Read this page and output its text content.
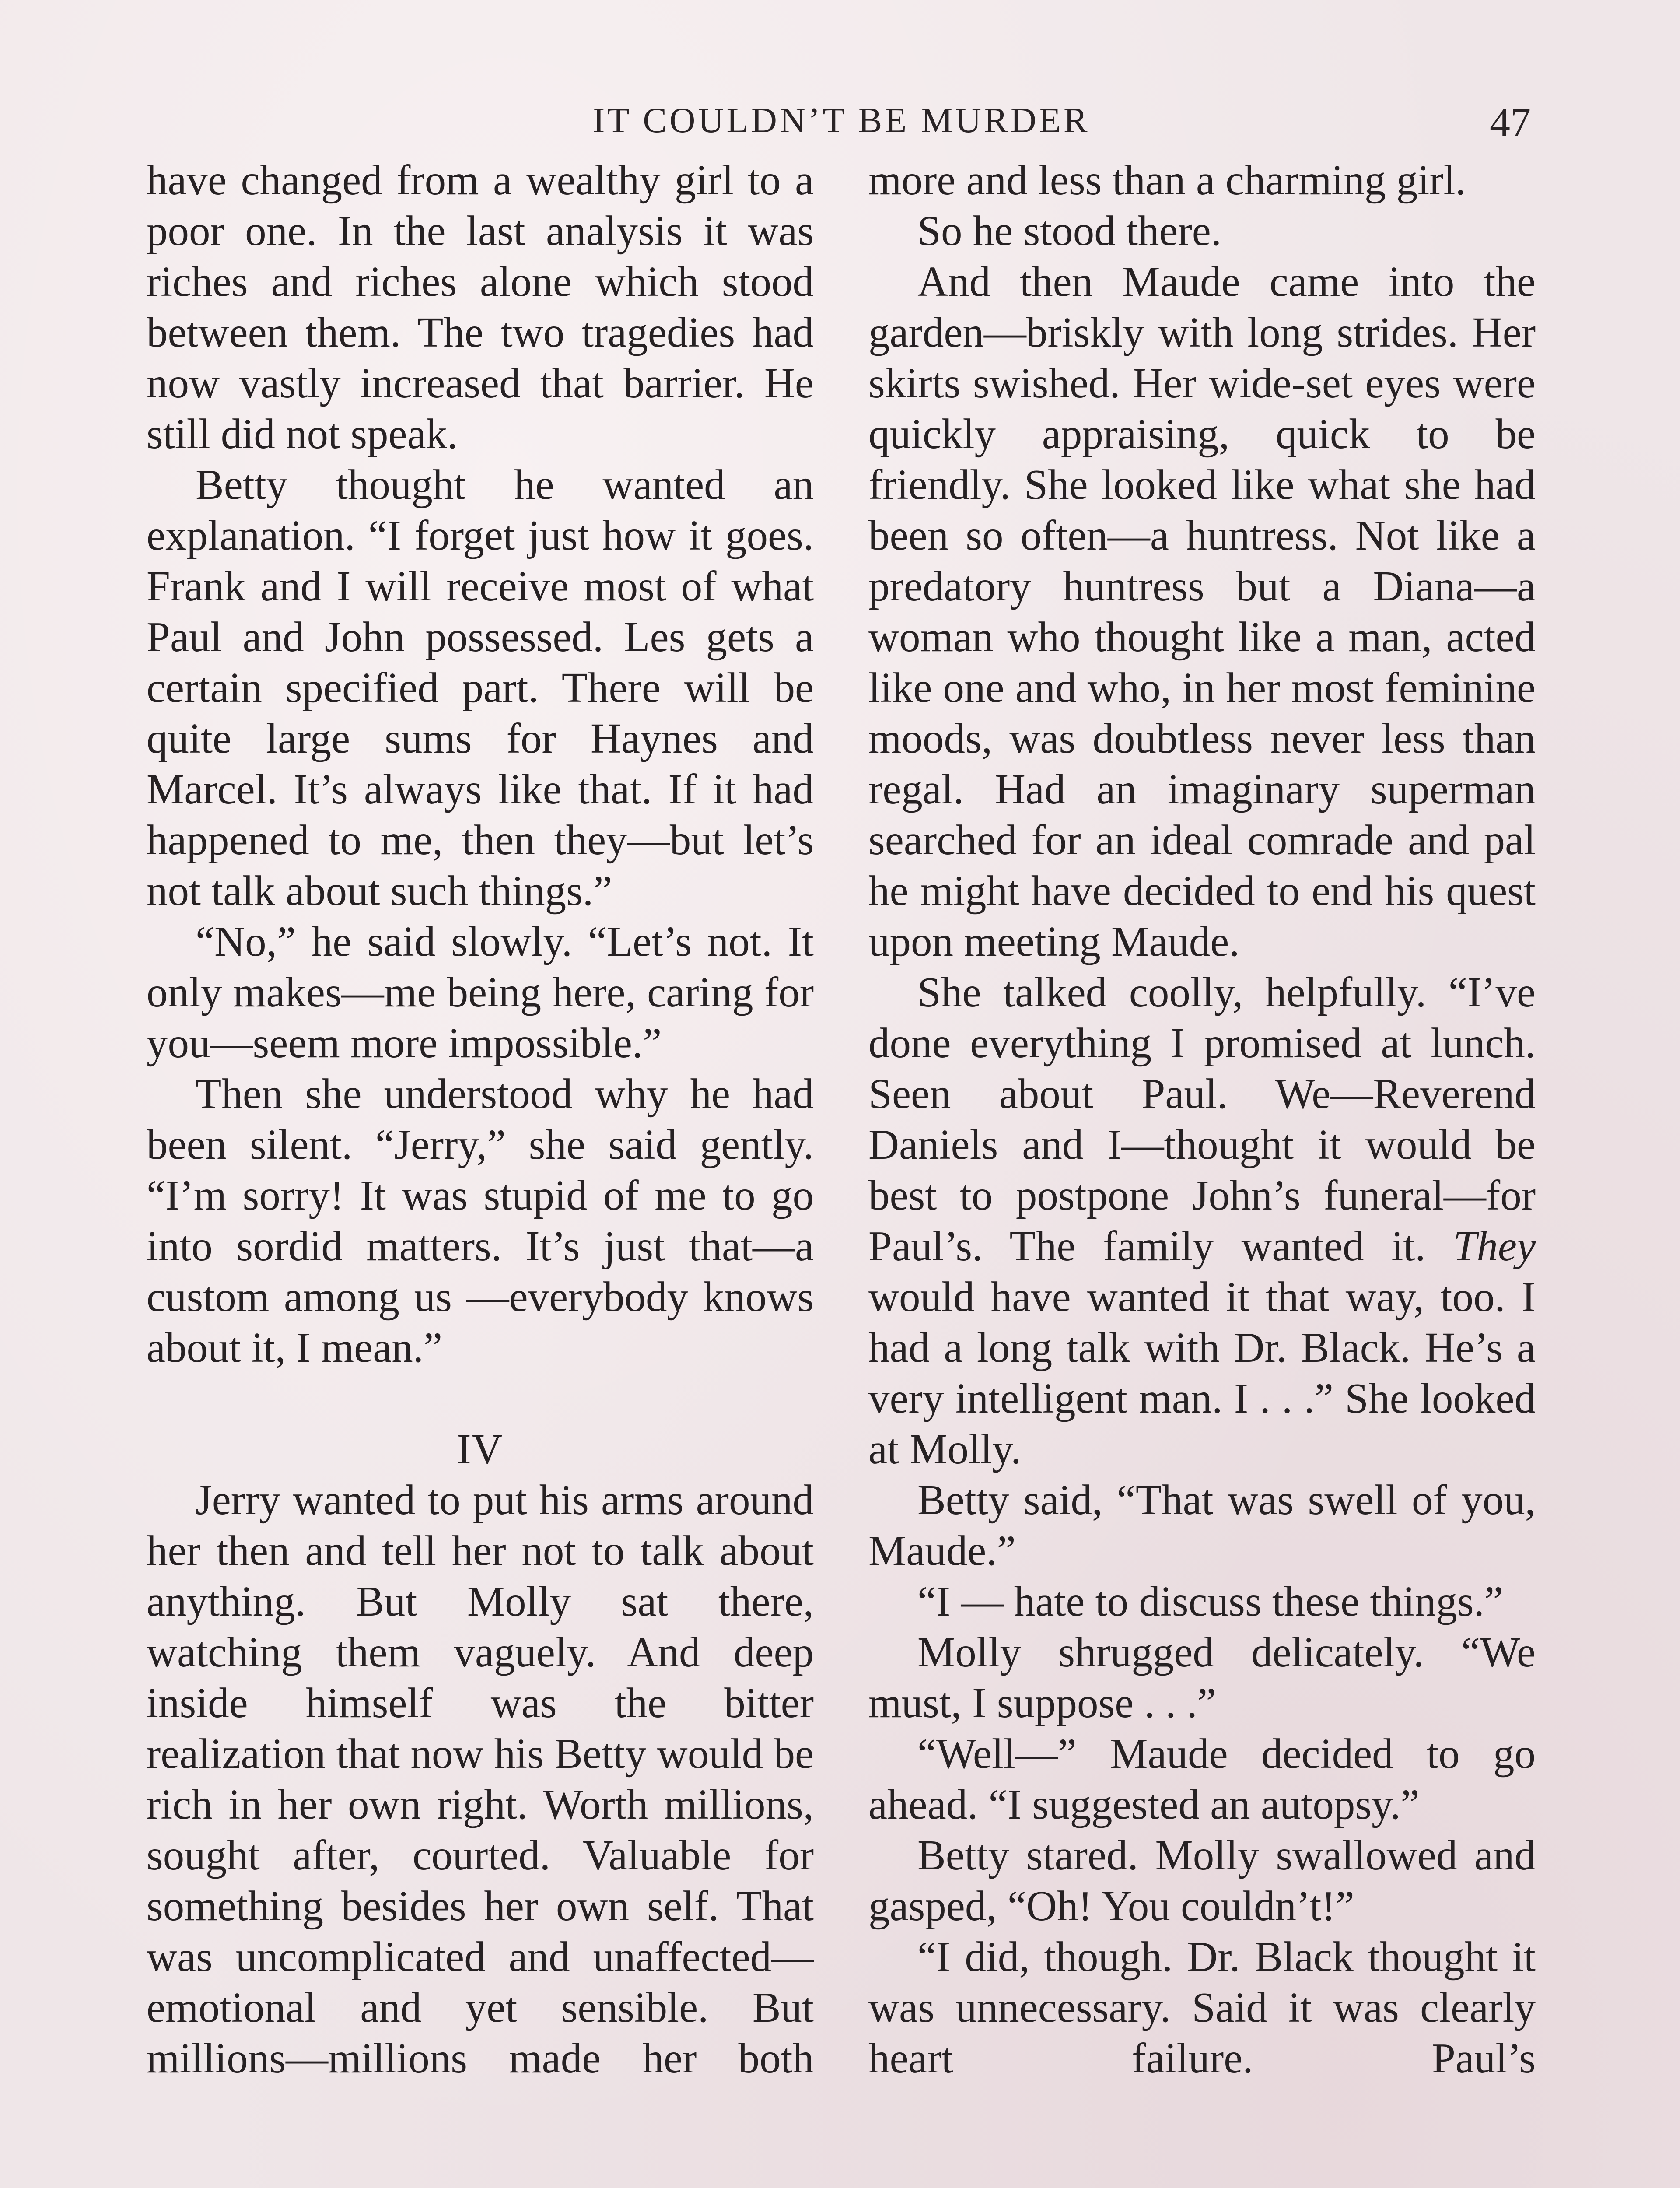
IT COULDN’T BE MURDER	47

have changed from a wealthy girl to a poor one. In the last analysis it was riches and riches alone which stood between them. The two tragedies had now vastly increased that barrier. He still did not speak.

Betty thought he wanted an explanation. “I forget just how it goes. Frank and I will receive most of what Paul and John possessed. Les gets a certain specified part. There will be quite large sums for Haynes and Marcel. It’s always like that. If it had happened to me, then they—but let’s not talk about such things.”

“No,” he said slowly. “Let’s not. It only makes—me being here, caring for you—seem more impossible.”

Then she understood why he had been silent. “Jerry,” she said gently. “I’m sorry! It was stupid of me to go into sordid matters. It’s just that—a custom among us —everybody knows about it, I mean.”

IV

Jerry wanted to put his arms around her then and tell her not to talk about anything. But Molly sat there, watching them vaguely. And deep inside himself was the bitter realization that now his Betty would be rich in her own right. Worth millions, sought after, courted. Valuable for something besides her own self. That was uncomplicated and unaffected—emotional and yet sensible. But millions—millions made her both

more and less than a charming girl.

So he stood there.

And then Maude came into the garden—briskly with long strides. Her skirts swished. Her wide-set eyes were quickly appraising, quick to be friendly. She looked like what she had been so often—a huntress. Not like a predatory huntress but a Diana—a woman who thought like a man, acted like one and who, in her most feminine moods, was doubtless never less than regal. Had an imaginary superman searched for an ideal comrade and pal he might have decided to end his quest upon meeting Maude.

She talked coolly, helpfully. “I’ve done everything I promised at lunch. Seen about Paul. We—Reverend Daniels and I—thought it would be best to postpone John’s funeral—for Paul’s. The family wanted it. They would have wanted it that way, too. I had a long talk with Dr. Black. He’s a very intelligent man. I . . .” She looked at Molly.

Betty said, “That was swell of you, Maude.”

“I — hate to discuss these things.”

Molly shrugged delicately. “We must, I suppose . . .”

“Well—” Maude decided to go ahead. “I suggested an autopsy.”

Betty stared. Molly swallowed and gasped, “Oh! You couldn’t!”

“I did, though. Dr. Black thought it was unnecessary. Said it was clearly heart failure. Paul’s
